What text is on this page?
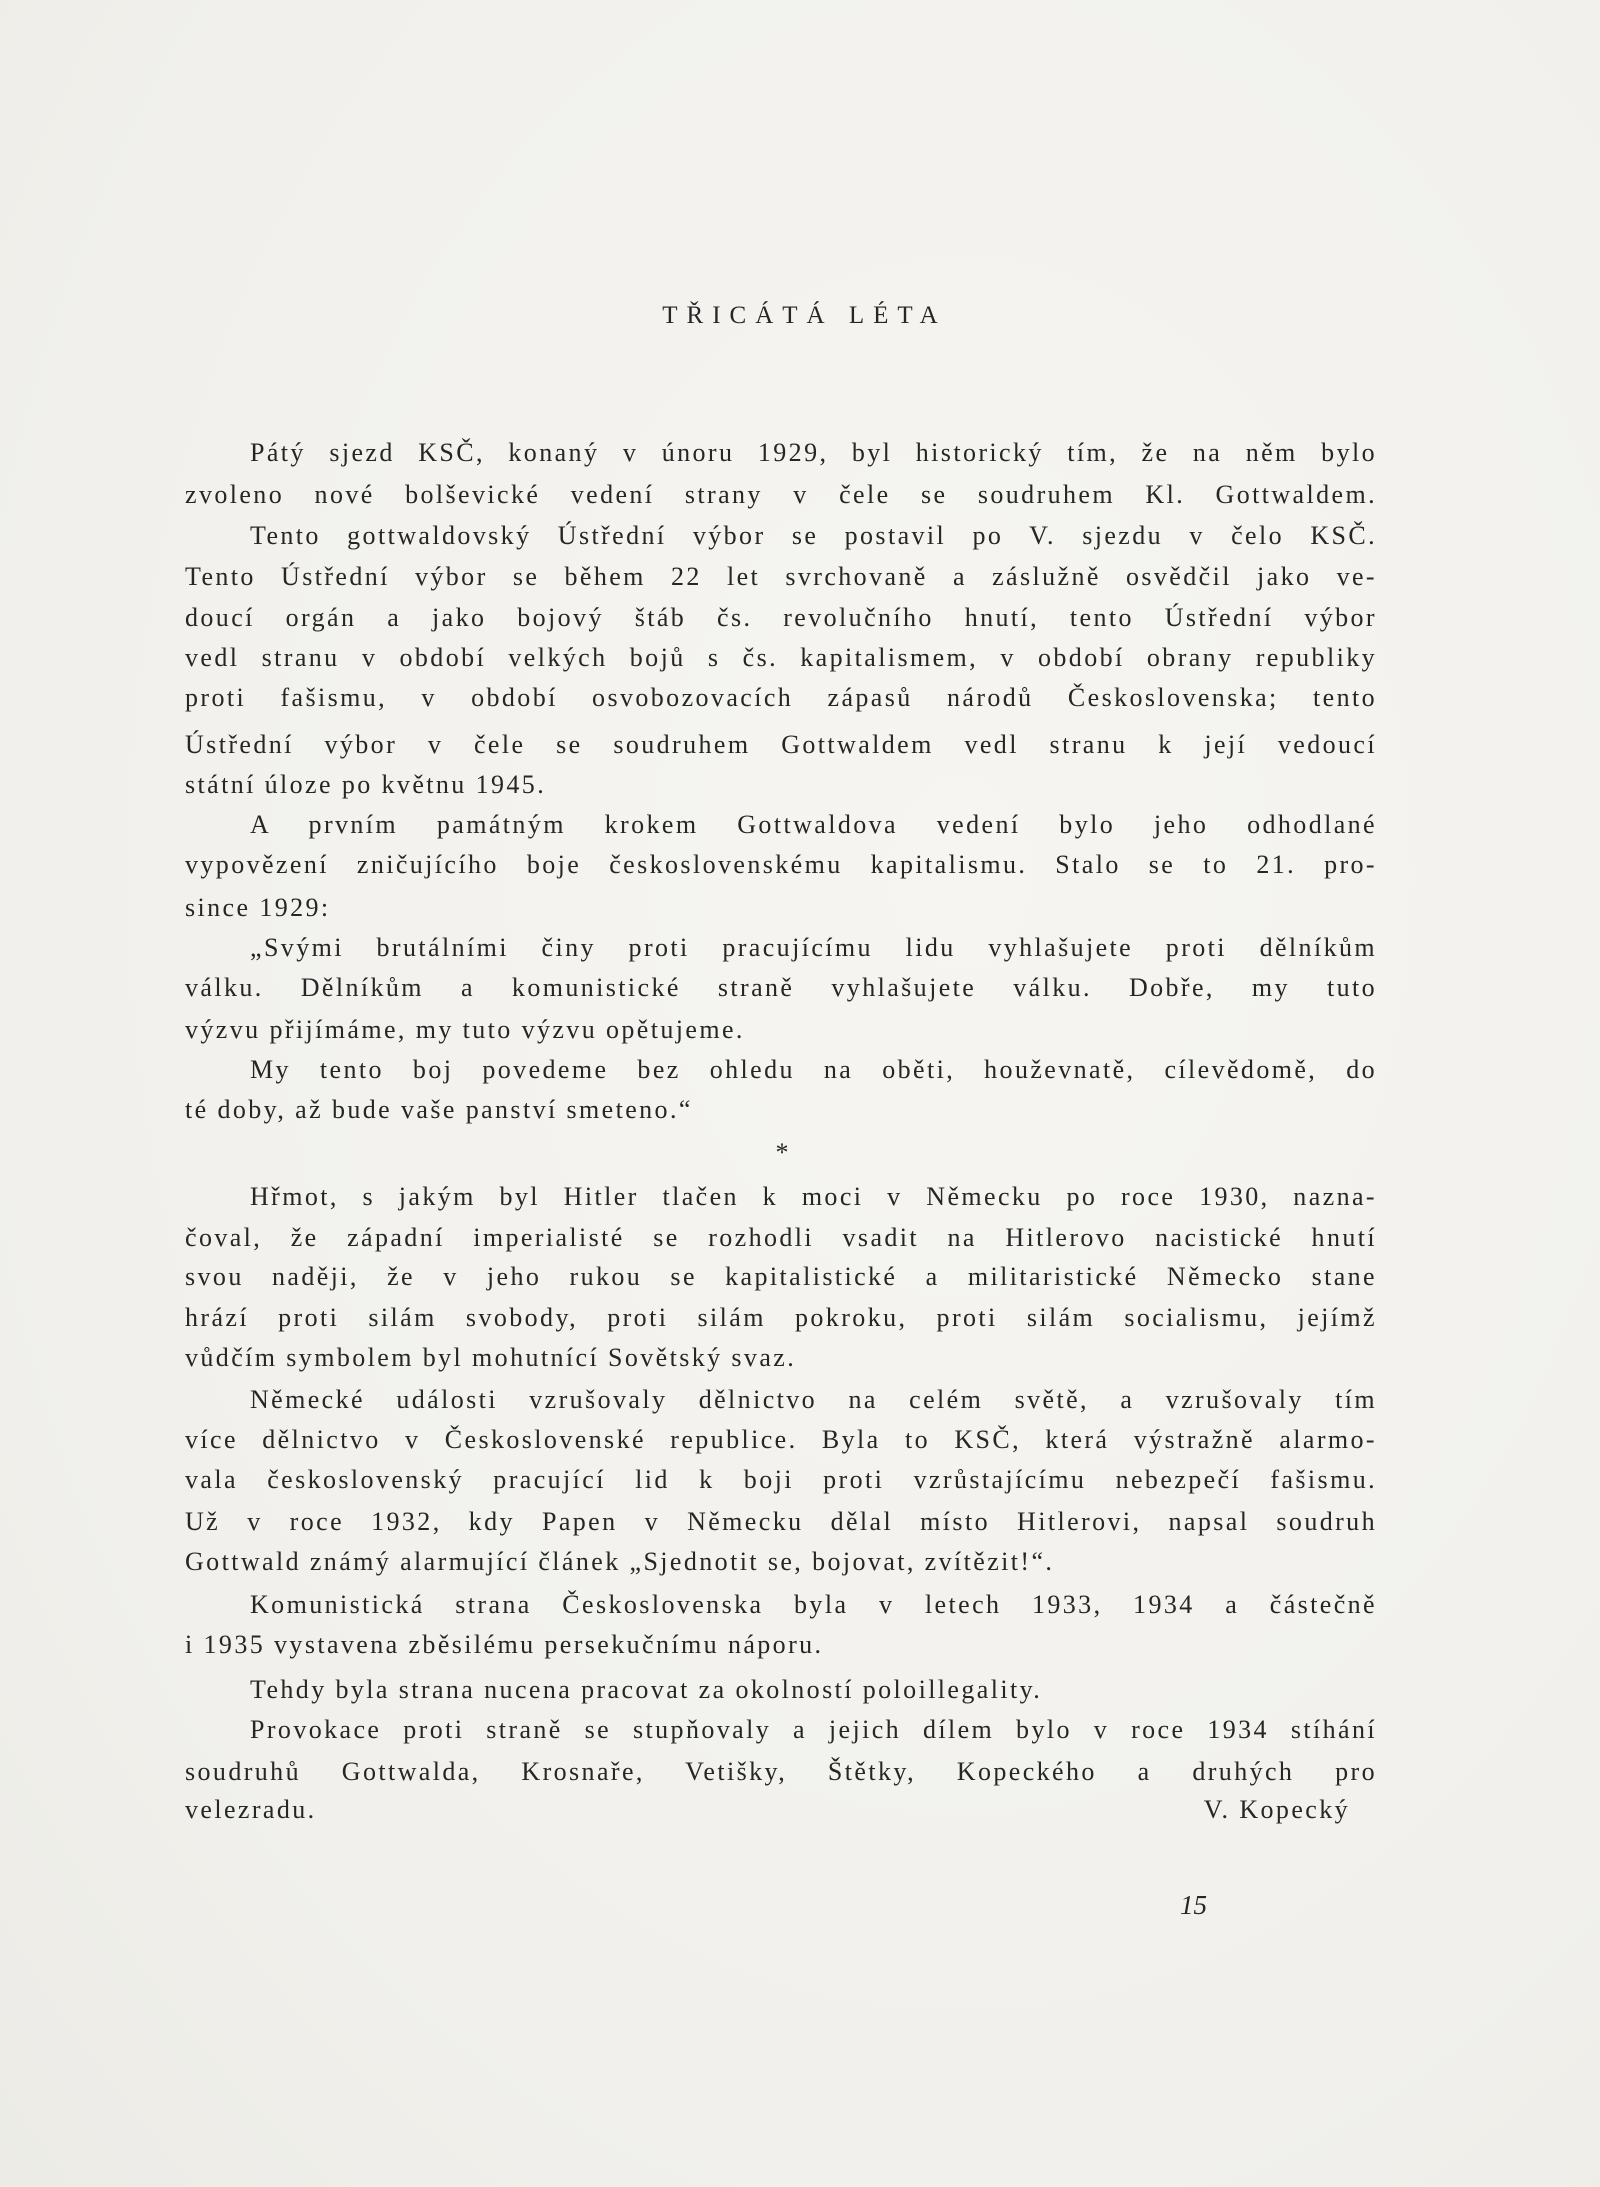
TŘICÁTÁ LÉTA
Pátý sjezd KSČ, konaný v únoru 1929, byl historický tím, že na něm bylo
zvoleno nové bolševické vedení strany v čele se soudruhem Kl. Gottwaldem.
Tento gottwaldovský Ústřední výbor se postavil po V. sjezdu v čelo KSČ.
Tento Ústřední výbor se během 22 let svrchovaně a záslužně osvědčil jako ve-
doucí orgán a jako bojový štáb čs. revolučního hnutí, tento Ústřední výbor
vedl stranu v období velkých bojů s čs. kapitalismem, v období obrany republiky
proti fašismu, v období osvobozovacích zápasů národů Československa; tento
Ústřední výbor v čele se soudruhem Gottwaldem vedl stranu k její vedoucí
státní úloze po květnu 1945.
A prvním památným krokem Gottwaldova vedení bylo jeho odhodlané
vypovězení zničujícího boje československému kapitalismu. Stalo se to 21. pro-
since 1929:
„Svými brutálními činy proti pracujícímu lidu vyhlašujete proti dělníkům
válku. Dělníkům a komunistické straně vyhlašujete válku. Dobře, my tuto
výzvu přijímáme, my tuto výzvu opětujeme.
My tento boj povedeme bez ohledu na oběti, houževnatě, cílevědomě, do
té doby, až bude vaše panství smeteno.“
Hřmot, s jakým byl Hitler tlačen k moci v Německu po roce 1930, nazna-
čoval, že západní imperialisté se rozhodli vsadit na Hitlerovo nacistické hnutí
svou naději, že v jeho rukou se kapitalistické a militaristické Německo stane
hrází proti silám svobody, proti silám pokroku, proti silám socialismu, jejímž
vůdčím symbolem byl mohutnící Sovětský svaz.
Německé události vzrušovaly dělnictvo na celém světě, a vzrušovaly tím
více dělnictvo v Československé republice. Byla to KSČ, která výstražně alarmo-
vala československý pracující lid k boji proti vzrůstajícímu nebezpečí fašismu.
Už v roce 1932, kdy Papen v Německu dělal místo Hitlerovi, napsal soudruh
Gottwald známý alarmující článek „Sjednotit se, bojovat, zvítězit!“.
Komunistická strana Československa byla v letech 1933, 1934 a částečně
i 1935 vystavena zběsilému persekučnímu náporu.
Tehdy byla strana nucena pracovat za okolností poloillegality.
Provokace proti straně se stupňovaly a jejich dílem bylo v roce 1934 stíhání
soudruhů Gottwalda, Krosnaře, Vetišky, Štětky, Kopeckého a druhých pro
velezradu.
*
V. Kopecký
15
